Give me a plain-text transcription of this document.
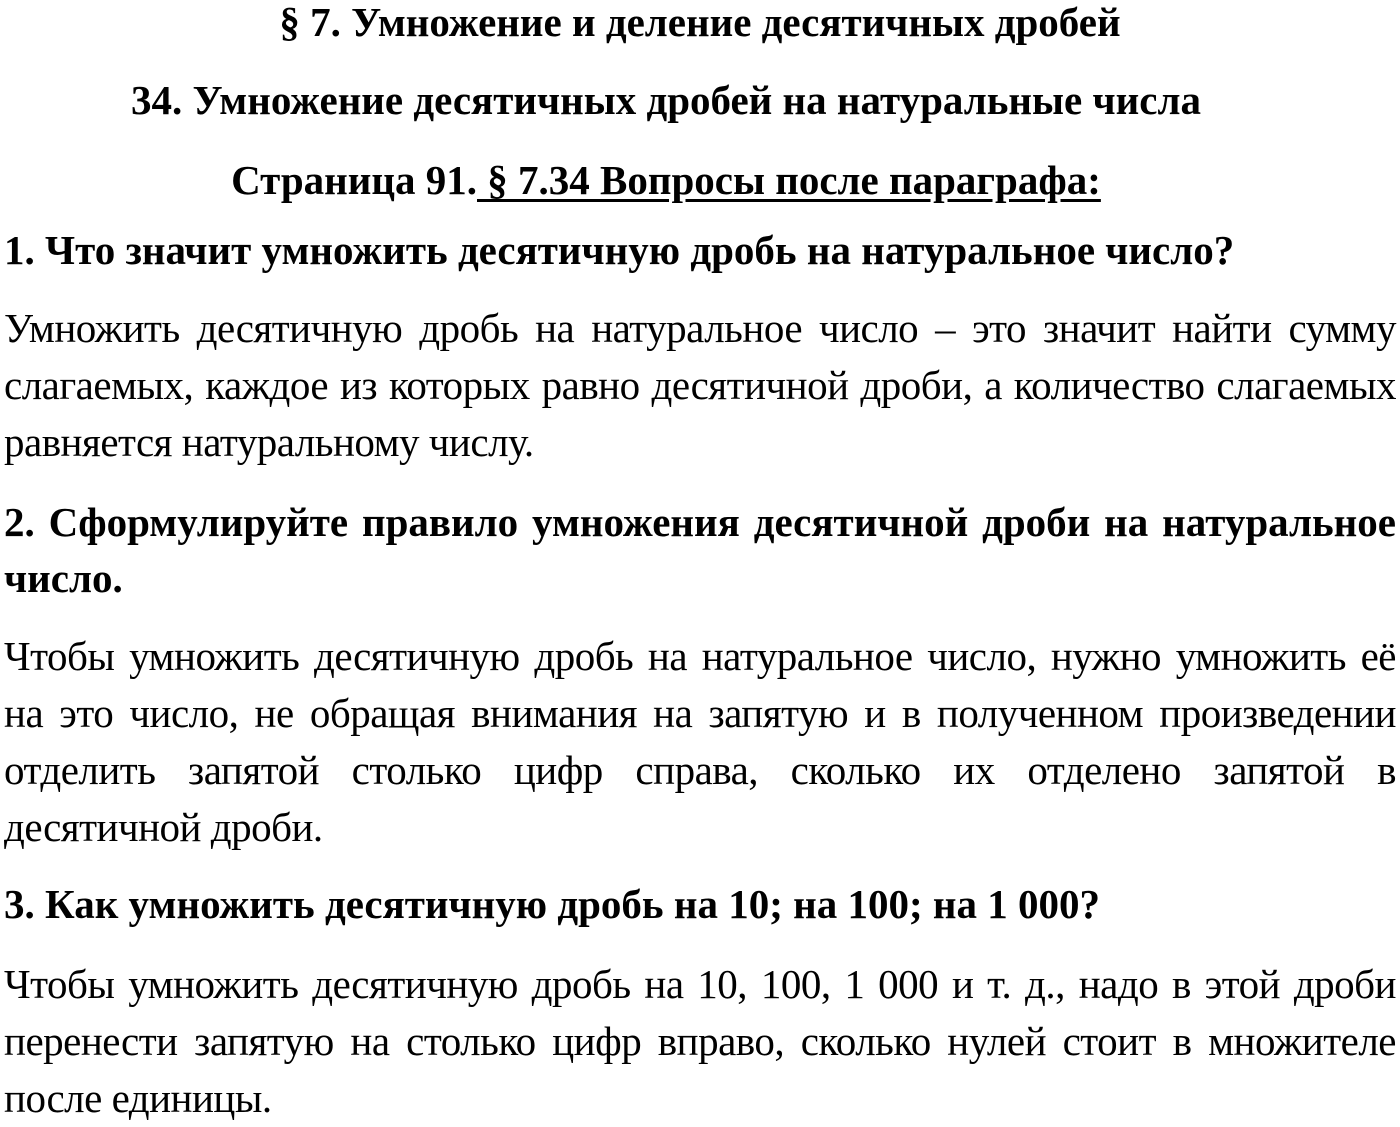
§ 7. Умножение и деление десятичных дробей
34. Умножение десятичных дробей на натуральные числа
Страница 91. § 7.34 Вопросы после параграфа:

1. Что значит умножить десятичную дробь на натуральное число?

Умножить десятичную дробь на натуральное число – это значит найти сумму слагаемых, каждое из которых равно десятичной дроби, а количество слагаемых равняется натуральному числу.

2. Сформулируйте правило умножения десятичной дроби на натуральное число.

Чтобы умножить десятичную дробь на натуральное число, нужно умножить её на это число, не обращая внимания на запятую и в полученном произведении отделить запятой столько цифр справа, сколько их отделено запятой в десятичной дроби.

3. Как умножить десятичную дробь на 10; на 100; на 1 000?

Чтобы умножить десятичную дробь на 10, 100, 1 000 и т. д., надо в этой дроби перенести запятую на столько цифр вправо, сколько нулей стоит в множителе после единицы.
